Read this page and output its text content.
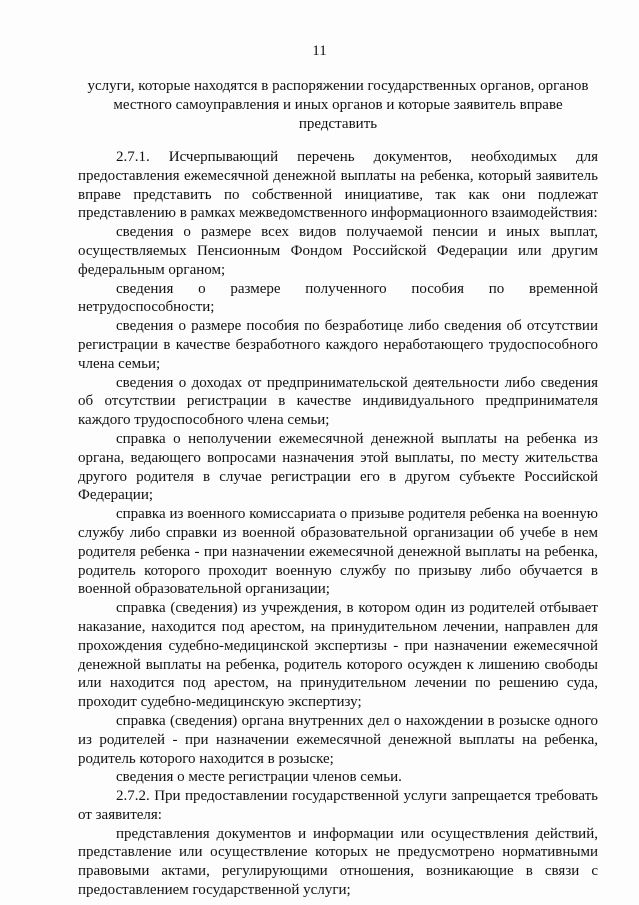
11
услуги, которые находятся в распоряжении государственных органов, органов местного самоуправления и иных органов и которые заявитель вправе представить

2.7.1. Исчерпывающий перечень документов, необходимых для предоставления ежемесячной денежной выплаты на ребенка, который заявитель вправе представить по собственной инициативе, так как они подлежат представлению в рамках межведомственного информационного взаимодействия:

сведения о размере всех видов получаемой пенсии и иных выплат, осуществляемых Пенсионным Фондом Российской Федерации или другим федеральным органом;

сведения о размере полученного пособия по временной нетрудоспособности;

сведения о размере пособия по безработице либо сведения об отсутствии регистрации в качестве безработного каждого неработающего трудоспособного члена семьи;

сведения о доходах от предпринимательской деятельности либо сведения об отсутствии регистрации в качестве индивидуального предпринимателя каждого трудоспособного члена семьи;

справка о неполучении ежемесячной денежной выплаты на ребенка из органа, ведающего вопросами назначения этой выплаты, по месту жительства другого родителя в случае регистрации его в другом субъекте Российской Федерации;

справка из военного комиссариата о призыве родителя ребенка на военную службу либо справки из военной образовательной организации об учебе в нем родителя ребенка - при назначении ежемесячной денежной выплаты на ребенка, родитель которого проходит военную службу по призыву либо обучается в военной образовательной организации;

справка (сведения) из учреждения, в котором один из родителей отбывает наказание, находится под арестом, на принудительном лечении, направлен для прохождения судебно-медицинской экспертизы - при назначении ежемесячной денежной выплаты на ребенка, родитель которого осужден к лишению свободы или находится под арестом, на принудительном лечении по решению суда, проходит судебно-медицинскую экспертизу;

справка (сведения) органа внутренних дел о нахождении в розыске одного из родителей - при назначении ежемесячной денежной выплаты на ребенка, родитель которого находится в розыске;

сведения о месте регистрации членов семьи.

2.7.2. При предоставлении государственной услуги запрещается требовать от заявителя:

представления документов и информации или осуществления действий, представление или осуществление которых не предусмотрено нормативными правовыми актами, регулирующими отношения, возникающие в связи с предоставлением государственной услуги;
